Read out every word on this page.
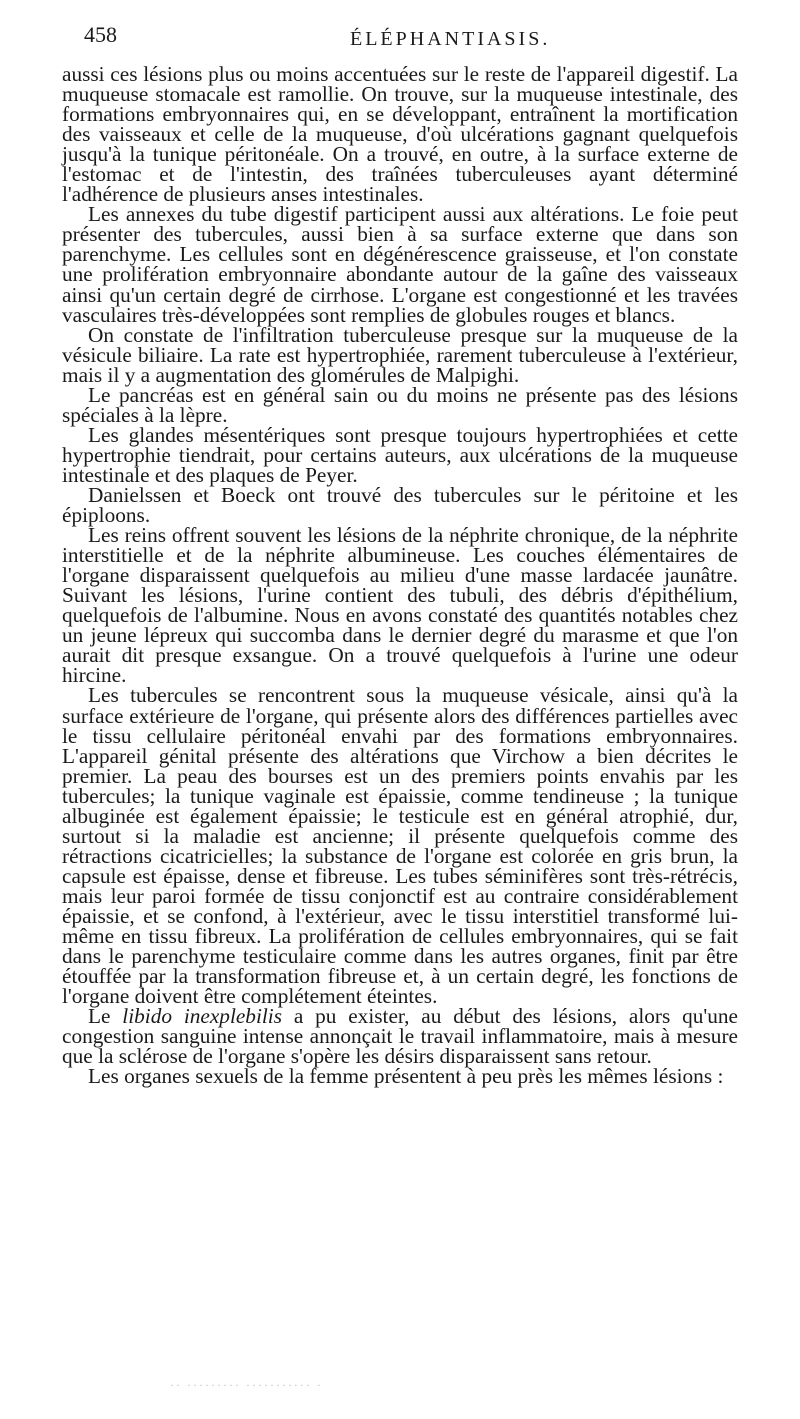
458	ÉLÉPHANTIASIS.

aussi ces lésions plus ou moins accentuées sur le reste de l'appareil digestif. La muqueuse stomacale est ramollie. On trouve, sur la muqueuse intestinale, des formations embryonnaires qui, en se développant, entraînent la mortification des vaisseaux et celle de la muqueuse, d'où ulcérations gagnant quelquefois jusqu'à la tunique péritonéale. On a trouvé, en outre, à la surface externe de l'estomac et de l'intestin, des traînées tuberculeuses ayant déterminé l'adhérence de plusieurs anses intestinales.

Les annexes du tube digestif participent aussi aux altérations. Le foie peut présenter des tubercules, aussi bien à sa surface externe que dans son parenchyme. Les cellules sont en dégénérescence graisseuse, et l'on constate une prolifération embryonnaire abondante autour de la gaîne des vaisseaux ainsi qu'un certain degré de cirrhose. L'organe est congestionné et les travées vasculaires très-développées sont remplies de globules rouges et blancs.

On constate de l'infiltration tuberculeuse presque sur la muqueuse de la vésicule biliaire. La rate est hypertrophiée, rarement tuberculeuse à l'extérieur, mais il y a augmentation des glomérules de Malpighi.

Le pancréas est en général sain ou du moins ne présente pas des lésions spéciales à la lèpre.

Les glandes mésentériques sont presque toujours hypertrophiées et cette hypertrophie tiendrait, pour certains auteurs, aux ulcérations de la muqueuse intestinale et des plaques de Peyer.

Danielssen et Boeck ont trouvé des tubercules sur le péritoine et les épiploons.

Les reins offrent souvent les lésions de la néphrite chronique, de la néphrite interstitielle et de la néphrite albumineuse. Les couches élémentaires de l'organe disparaissent quelquefois au milieu d'une masse lardacée jaunâtre. Suivant les lésions, l'urine contient des tubuli, des débris d'épithélium, quelquefois de l'albumine. Nous en avons constaté des quantités notables chez un jeune lépreux qui succomba dans le dernier degré du marasme et que l'on aurait dit presque exsangue. On a trouvé quelquefois à l'urine une odeur hircine.

Les tubercules se rencontrent sous la muqueuse vésicale, ainsi qu'à la surface extérieure de l'organe, qui présente alors des différences partielles avec le tissu cellulaire péritonéal envahi par des formations embryonnaires. L'appareil génital présente des altérations que Virchow a bien décrites le premier. La peau des bourses est un des premiers points envahis par les tubercules; la tunique vaginale est épaissie, comme tendineuse ; la tunique albuginée est également épaissie; le testicule est en général atrophié, dur, surtout si la maladie est ancienne; il présente quelquefois comme des rétractions cicatricielles; la substance de l'organe est colorée en gris brun, la capsule est épaisse, dense et fibreuse. Les tubes séminifères sont très-rétrécis, mais leur paroi formée de tissu conjonctif est au contraire considérablement épaissie, et se confond, à l'extérieur, avec le tissu interstitiel transformé lui-même en tissu fibreux. La prolifération de cellules embryonnaires, qui se fait dans le parenchyme testiculaire comme dans les autres organes, finit par être étouffée par la transformation fibreuse et, à un certain degré, les fonctions de l'organe doivent être complétement éteintes.

Le libido inexplebilis a pu exister, au début des lésions, alors qu'une congestion sanguine intense annonçait le travail inflammatoire, mais à mesure que la sclérose de l'organe s'opère les désirs disparaissent sans retour.

Les organes sexuels de la femme présentent à peu près les mêmes lésions :

·· ········· ··········· ·
